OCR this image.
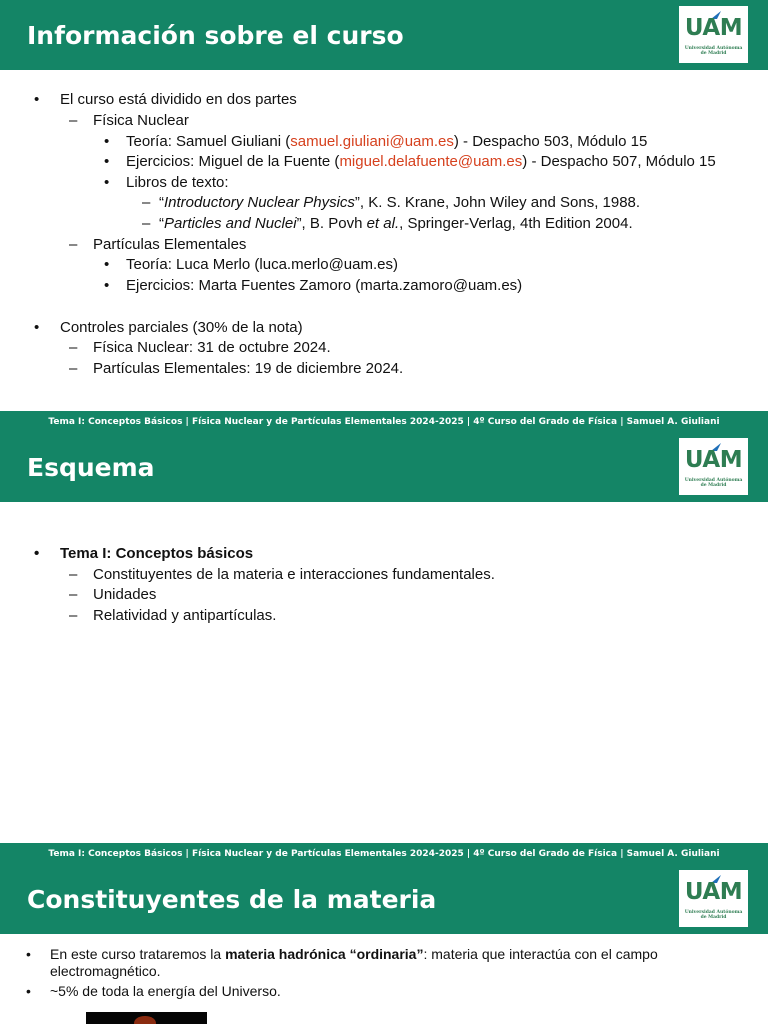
Información sobre el curso	UAM
Universidad Autónoma
de Madrid
• El curso está dividido en dos partes
– Física Nuclear
• Teoría: Samuel Giuliani (samuel.giuliani@uam.es) - Despacho 503, Módulo 15
• Ejercicios: Miguel de la Fuente (miguel.delafuente@uam.es) - Despacho 507, Módulo 15
• Libros de texto:
– “Introductory Nuclear Physics”, K. S. Krane, John Wiley and Sons, 1988.
– “Particles and Nuclei”, B. Povh et al., Springer-Verlag, 4th Edition 2004.
– Partículas Elementales
• Teoría: Luca Merlo (luca.merlo@uam.es)
• Ejercicios: Marta Fuentes Zamoro (marta.zamoro@uam.es)
• Controles parciales (30% de la nota)
– Física Nuclear: 31 de octubre 2024.
– Partículas Elementales: 19 de diciembre 2024.
Tema I: Conceptos Básicos | Física Nuclear y de Partículas Elementales 2024-2025 | 4º Curso del Grado de Física | Samuel A. Giuliani
Esquema	UAM
Universidad Autónoma
de Madrid
• Tema I: Conceptos básicos
– Constituyentes de la materia e interacciones fundamentales.
– Unidades
– Relatividad y antipartículas.
Tema I: Conceptos Básicos | Física Nuclear y de Partículas Elementales 2024-2025 | 4º Curso del Grado de Física | Samuel A. Giuliani
Constituyentes de la materia	UAM
Universidad Autónoma
de Madrid
• En este curso trataremos la materia hadrónica “ordinaria”: materia que interactúa con el campo
electromagnético.
• ~5% de toda la energía del Universo.
